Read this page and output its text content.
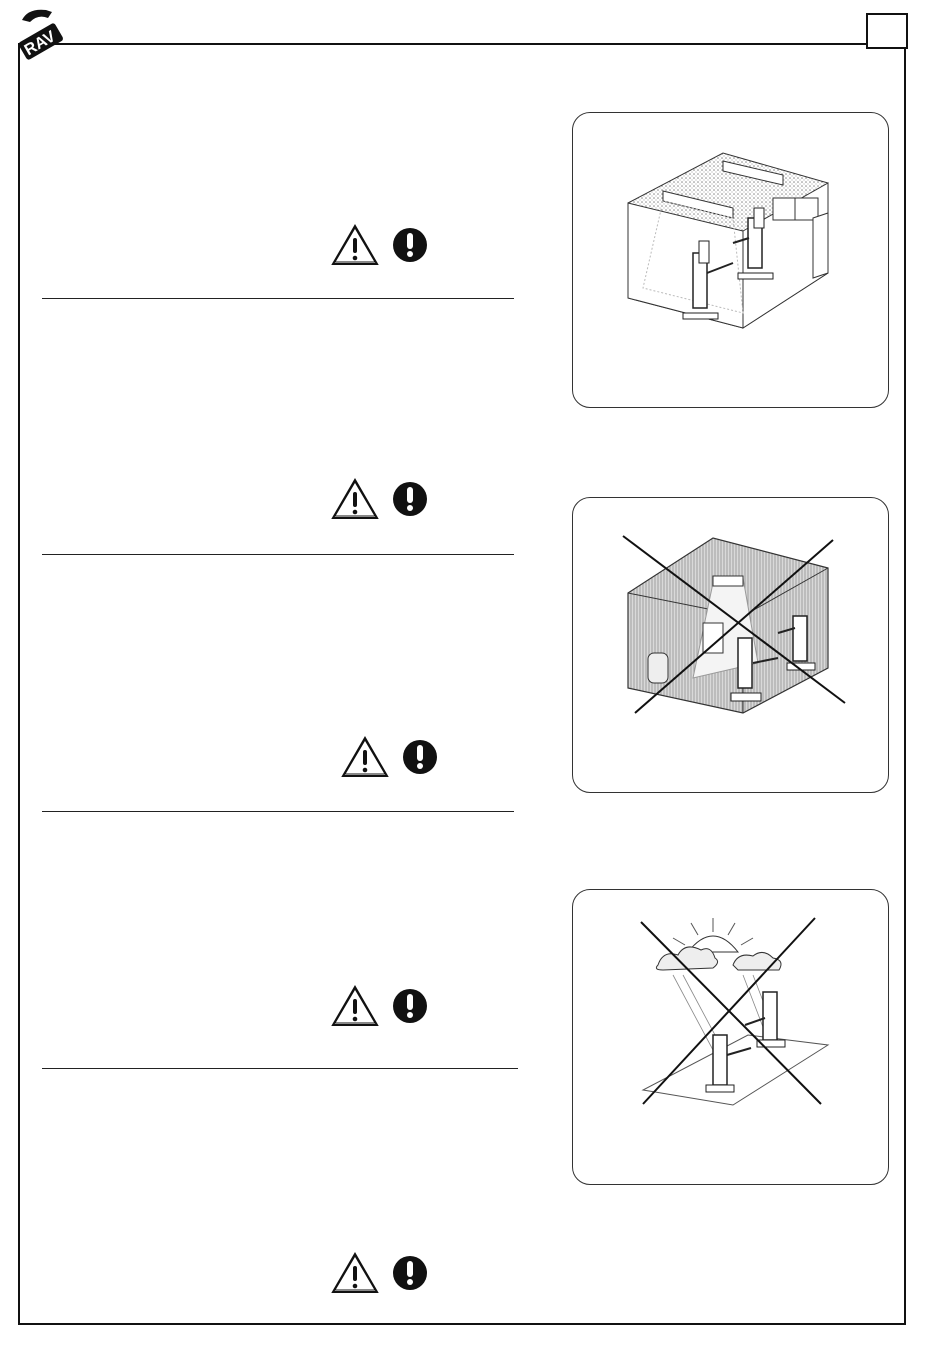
RAV
